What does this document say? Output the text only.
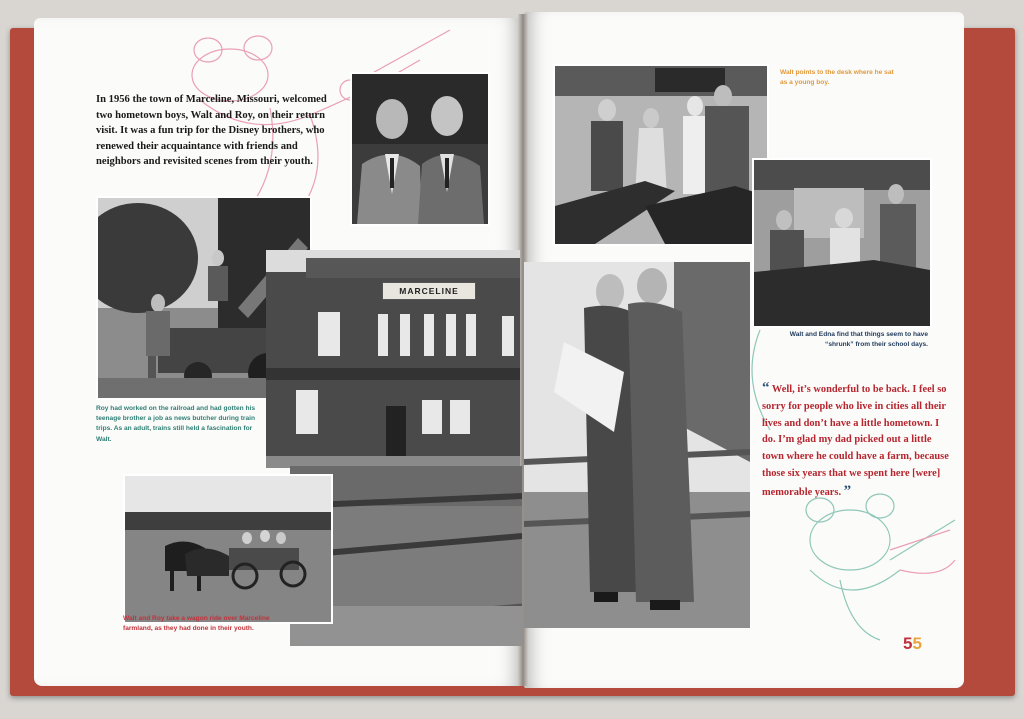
In 1956 the town of Marceline, Missouri, welcomed two hometown boys, Walt and Roy, on their return visit. It was a fun trip for the Disney brothers, who renewed their acquaintance with friends and neighbors and revisited scenes from their youth.
Roy had worked on the railroad and had gotten his teenage brother a job as news butcher during train trips. As an adult, trains still held a fascination for Walt.
MARCELINE
Walt and Roy take a wagon ride over Marceline farmland, as they had done in their youth.
Walt points to the desk where he sat as a young boy.
Walt and Edna find that things seem to have “shrunk” from their school days.
“ Well, it’s wonderful to be back. I feel so sorry for people who live in cities all their lives and don’t have a little hometown. I do. I’m glad my dad picked out a little town where he could have a farm, because those six years that we spent here [were] memorable years. ”
55
